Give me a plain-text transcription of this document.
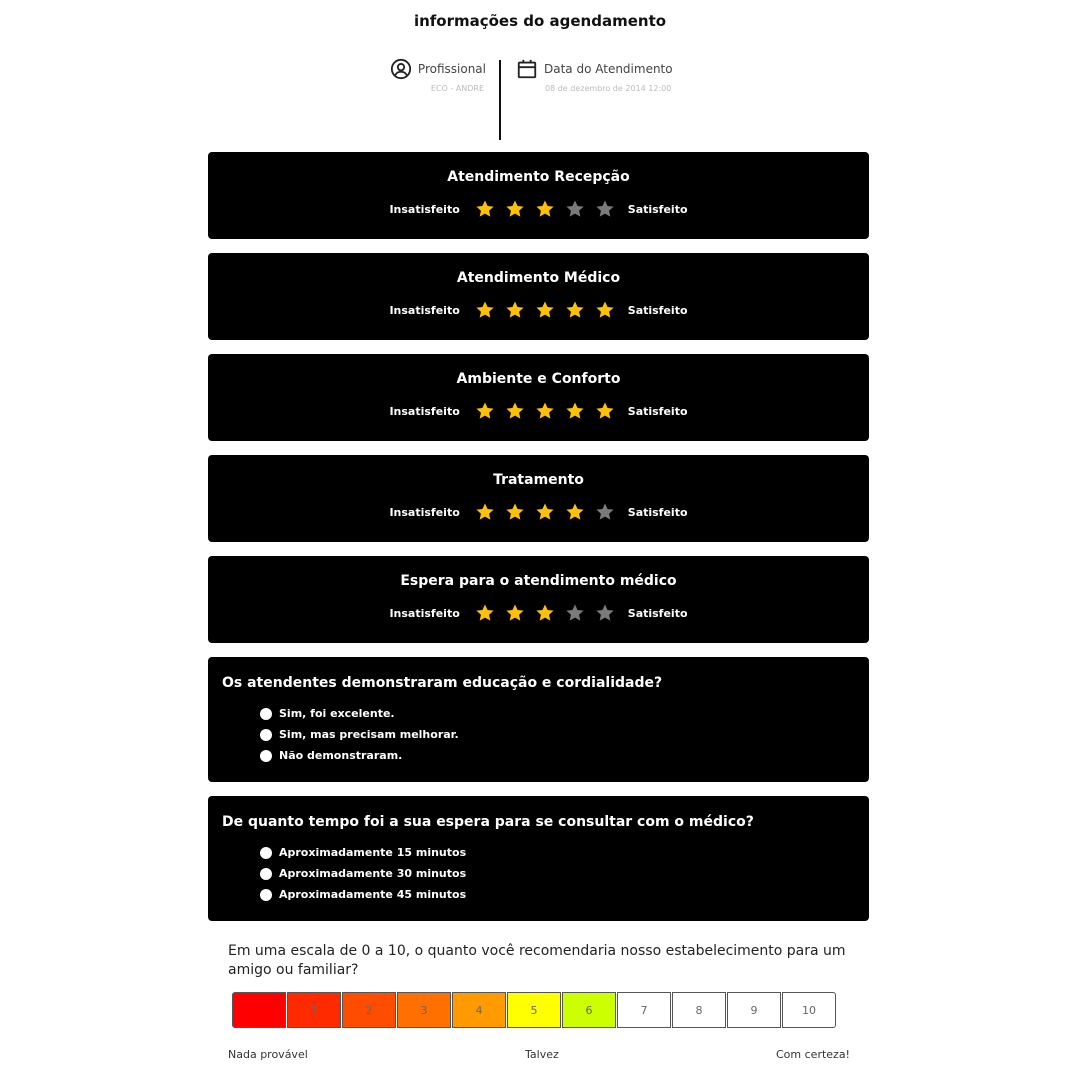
informações do agendamento
Profissional
ECO - ANDRE
Data do Atendimento
08 de dezembro de 2014 12:00
Atendimento Recepção
Insatisfeito	Satisfeito
Atendimento Médico
Insatisfeito	Satisfeito
Ambiente e Conforto
Insatisfeito	Satisfeito
Tratamento
Insatisfeito	Satisfeito
Espera para o atendimento médico
Insatisfeito	Satisfeito
Os atendentes demonstraram educação e cordialidade?
Sim, foi excelente.
Sim, mas precisam melhorar.
Não demonstraram.
De quanto tempo foi a sua espera para se consultar com o médico?
Aproximadamente 15 minutos
Aproximadamente 30 minutos
Aproximadamente 45 minutos
Em uma escala de 0 a 10, o quanto você recomendaria nosso estabelecimento para um amigo ou familiar?
1	2	3	4	5	6	7	8	9	10
Nada provável	Talvez	Com certeza!
